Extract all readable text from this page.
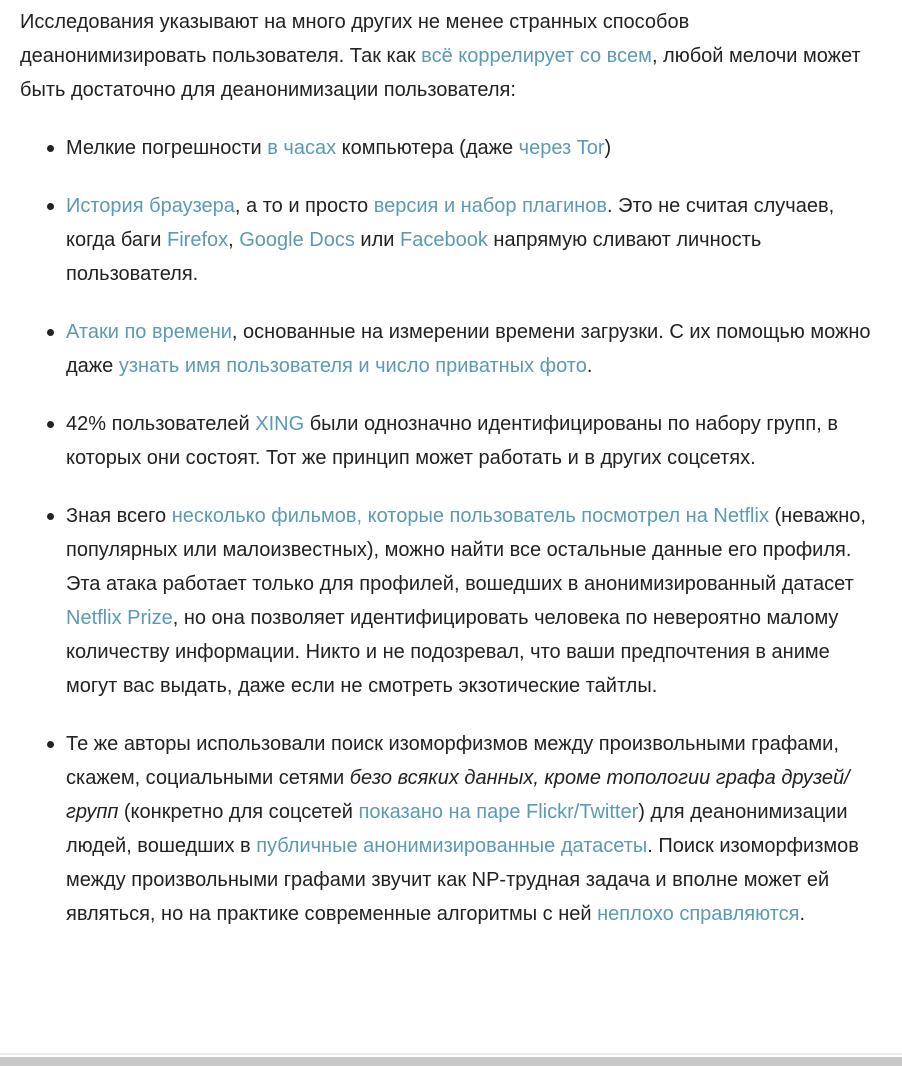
Исследования указывают на много других не менее странных способов деанонимизировать пользователя. Так как всё коррелирует со всем, любой мелочи может быть достаточно для деанонимизации пользователя:

Мелкие погрешности в часах компьютера (даже через Tor)
История браузера, а то и просто версия и набор плагинов. Это не считая случаев, когда баги Firefox, Google Docs или Facebook напрямую сливают личность пользователя.
Атаки по времени, основанные на измерении времени загрузки. С их помощью можно даже узнать имя пользователя и число приватных фото.
42% пользователей XING были однозначно идентифицированы по набору групп, в которых они состоят. Тот же принцип может работать и в других соцсетях.
Зная всего несколько фильмов, которые пользователь посмотрел на Netflix (неважно, популярных или малоизвестных), можно найти все остальные данные его профиля. Эта атака работает только для профилей, вошедших в анонимизированный датасет Netflix Prize, но она позволяет идентифицировать человека по невероятно малому количеству информации. Никто и не подозревал, что ваши предпочтения в аниме могут вас выдать, даже если не смотреть экзотические тайтлы.
Те же авторы использовали поиск изоморфизмов между произвольными графами, скажем, социальными сетями безо всяких данных, кроме топологии графа друзей/групп (конкретно для соцсетей показано на паре Flickr/Twitter) для деанонимизации людей, вошедших в публичные анонимизированные датасеты. Поиск изоморфизмов между произвольными графами звучит как NP-трудная задача и вполне может ей являться, но на практике современные алгоритмы с ней неплохо справляются.
